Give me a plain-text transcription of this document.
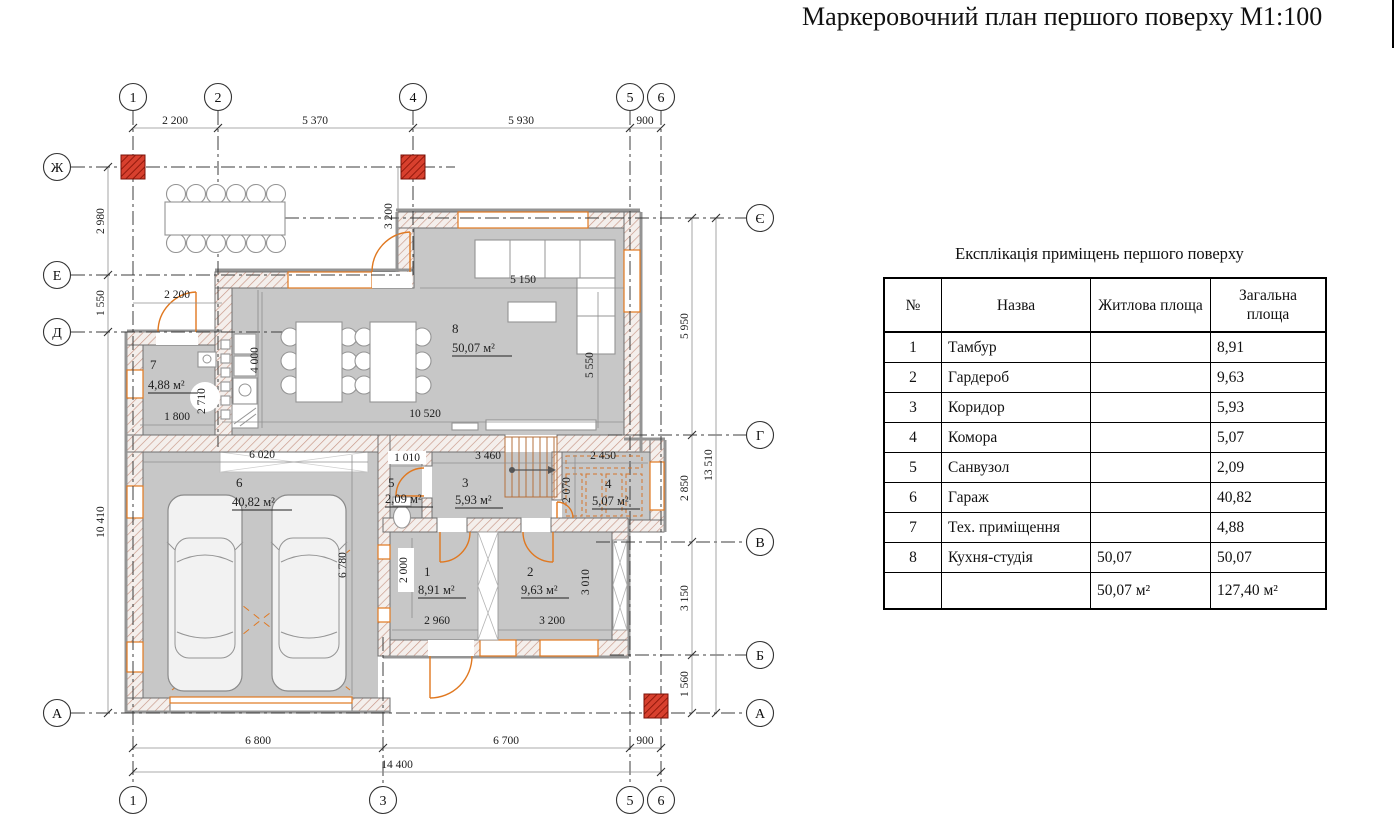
2 200	5 370	5 930	900
2 980
1 550
10 410
5 950
2 850
3 150
1 560
13 510
6 800	6 700	900
14 400
2 200
1 800
2 710
4 000
3 200
5 150
5 550
10 520
6 020
6 780
1 010	3 460	2 450
2 070
2 000
2 960	3 200
3 010
8
50,07 м²
7
4,88 м²
6
40,82 м²
5
2,09 м²
3
5,93 м²
4
5,07 м²
1
8,91 м²
2
9,63 м²
1	2	4	5 6
1	3	5 6
Ж
Е
Д
А
Є
Г
В
Б
А
Маркеровочний план першого поверху М1:100
Експлікація приміщень першого поверху
№	Назва	Житлова площа	Загальна площа
1	Тамбур		8,91
2	Гардероб		9,63
3	Коридор		5,93
4	Комора		5,07
5	Санвузол		2,09
6	Гараж		40,82
7	Тех. приміщення		4,88
8	Кухня-студія	50,07	50,07
		50,07 м²	127,40 м²
